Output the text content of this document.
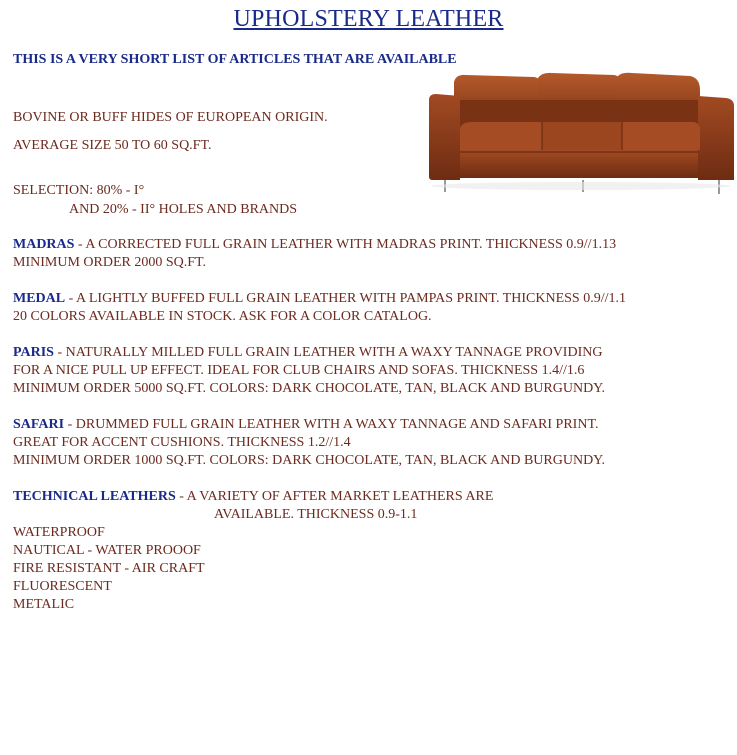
UPHOLSTERY LEATHER
THIS IS A VERY SHORT LIST OF ARTICLES THAT ARE AVAILABLE
BOVINE OR BUFF HIDES OF EUROPEAN ORIGIN.
AVERAGE SIZE 50 TO 60 SQ.FT.
SELECTION: 80% - I°
AND 20% - II° HOLES AND BRANDS
MADRAS - A CORRECTED FULL GRAIN LEATHER WITH MADRAS PRINT. THICKNESS 0.9//1.13
MINIMUM ORDER 2000 SQ.FT.
MEDAL - A LIGHTLY BUFFED FULL GRAIN LEATHER WITH PAMPAS PRINT. THICKNESS 0.9//1.1
20 COLORS AVAILABLE IN STOCK. ASK FOR A COLOR CATALOG.
PARIS - NATURALLY MILLED FULL GRAIN LEATHER WITH A WAXY TANNAGE PROVIDING
FOR A NICE PULL UP EFFECT. IDEAL FOR CLUB CHAIRS AND SOFAS. THICKNESS 1.4//1.6
MINIMUM ORDER 5000 SQ.FT. COLORS: DARK CHOCOLATE, TAN, BLACK AND BURGUNDY.
SAFARI - DRUMMED FULL GRAIN LEATHER WITH A WAXY TANNAGE AND SAFARI PRINT.
GREAT FOR ACCENT CUSHIONS. THICKNESS 1.2//1.4
MINIMUM ORDER 1000 SQ.FT. COLORS: DARK CHOCOLATE, TAN, BLACK AND BURGUNDY.
TECHNICAL LEATHERS - A VARIETY OF AFTER MARKET LEATHERS ARE
AVAILABLE. THICKNESS 0.9-1.1
WATERPROOF
NAUTICAL - WATER PROOOF
FIRE RESISTANT - AIR CRAFT
FLUORESCENT
METALIC
